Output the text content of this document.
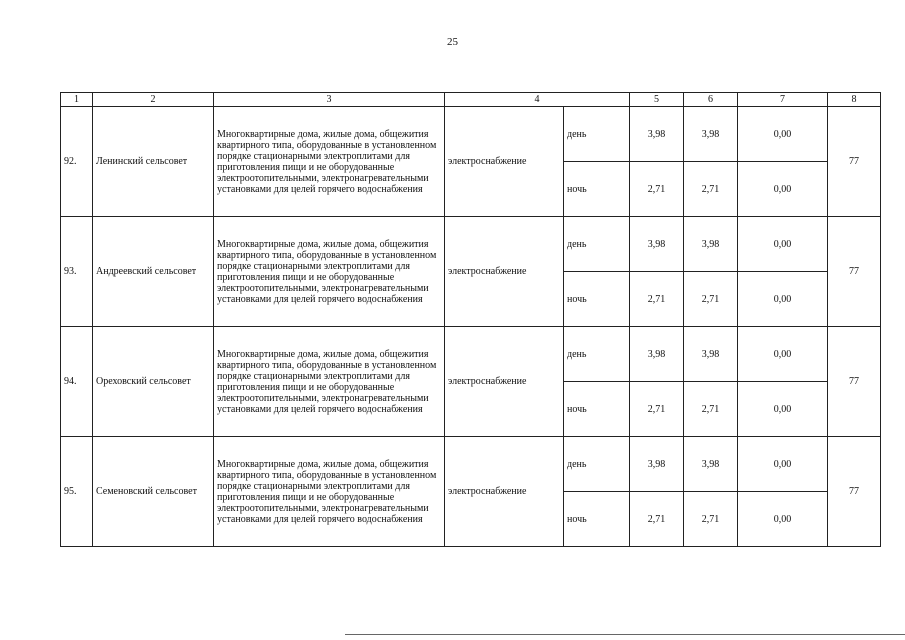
25
1	2	3	4		5	6	7	8
92.	Ленинский сельсовет	Многоквартирные дома, жилые дома, общежития квартирного типа, оборудованные в установленном порядке стационарными электроплитами для приготовления пищи и не оборудованные электроотопительными, электронагревательными установками для целей горячего водоснабжения	электроснабжение	день	3,98	3,98	0,00	77
				ночь	2,71	2,71	0,00	
93.	Андреевский сельсовет	Многоквартирные дома, жилые дома, общежития квартирного типа, оборудованные в установленном порядке стационарными электроплитами для приготовления пищи и не оборудованные электроотопительными, электронагревательными установками для целей горячего водоснабжения	электроснабжение	день	3,98	3,98	0,00	77
				ночь	2,71	2,71	0,00	
94.	Ореховский сельсовет	Многоквартирные дома, жилые дома, общежития квартирного типа, оборудованные в установленном порядке стационарными электроплитами для приготовления пищи и не оборудованные электроотопительными, электронагревательными установками для целей горячего водоснабжения	электроснабжение	день	3,98	3,98	0,00	77
				ночь	2,71	2,71	0,00	
95.	Семеновский сельсовет	Многоквартирные дома, жилые дома, общежития квартирного типа, оборудованные в установленном порядке стационарными электроплитами для приготовления пищи и не оборудованные электроотопительными, электронагревательными установками для целей горячего водоснабжения	электроснабжение	день	3,98	3,98	0,00	77
				ночь	2,71	2,71	0,00	
